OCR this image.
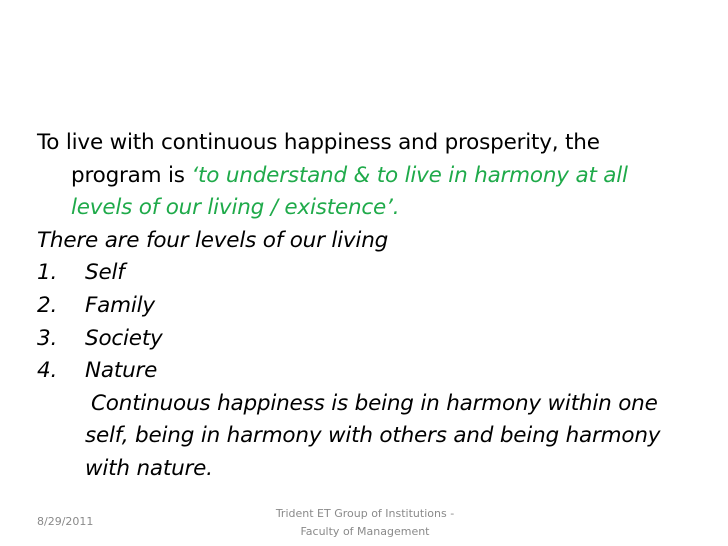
To live with continuous happiness and prosperity, the
program is ‘to understand & to live in harmony at all
levels of our living / existence’.
There are four levels of our living
1. Self
2. Family
3. Society
4. Nature
Continuous happiness is being in harmony within one
self, being in harmony with others and being harmony
with nature.
8/29/2011
Trident ET Group of Institutions -
Faculty of Management
